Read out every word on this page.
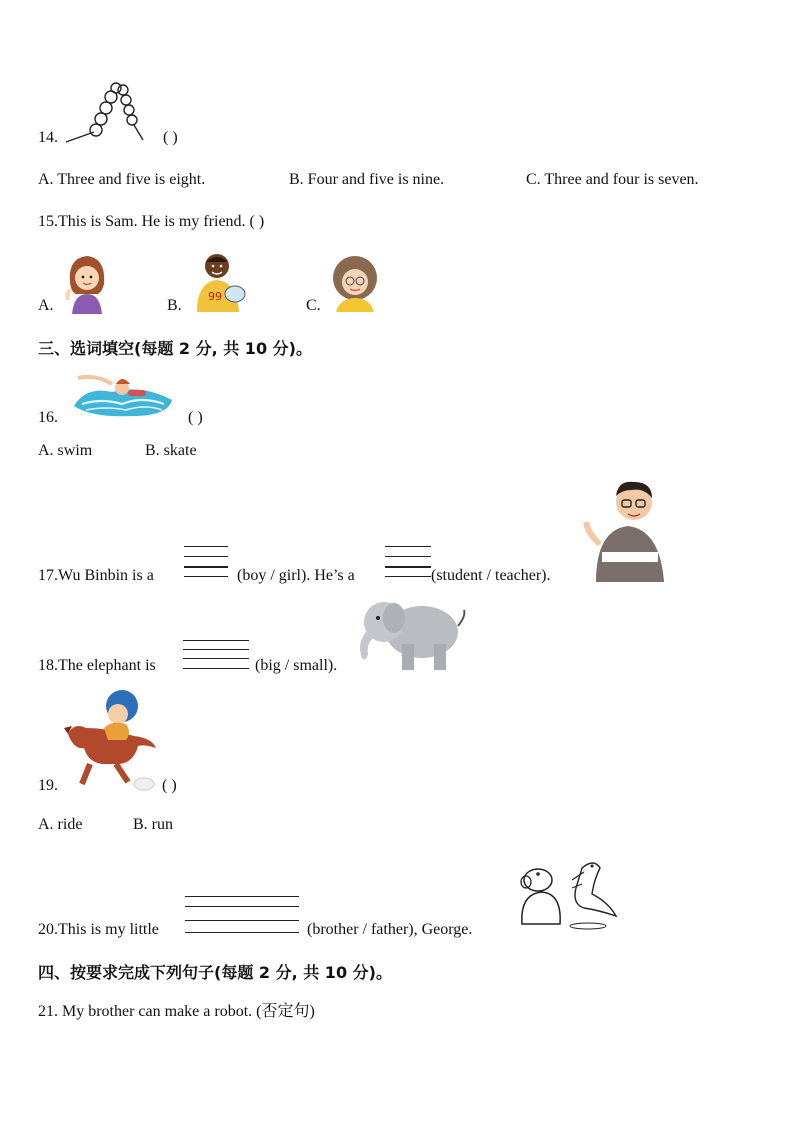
14.	( )
A. Three and five is eight.	B. Four and five is nine.	C. Three and four is seven.
15.This is Sam. He is my friend. ( )
A.	B.
99
C.
三、选词填空(每题 2 分, 共 10 分)。
16.	( )
A. swim	B. skate
17.Wu Binbin is a	(boy / girl). He’s a	(student / teacher).
18.The elephant is	(big / small).
19.	( )
A. ride	B. run
20.This is my little	(brother / father), George.
四、按要求完成下列句子(每题 2 分, 共 10 分)。
21. My brother can make a robot. (否定句)
